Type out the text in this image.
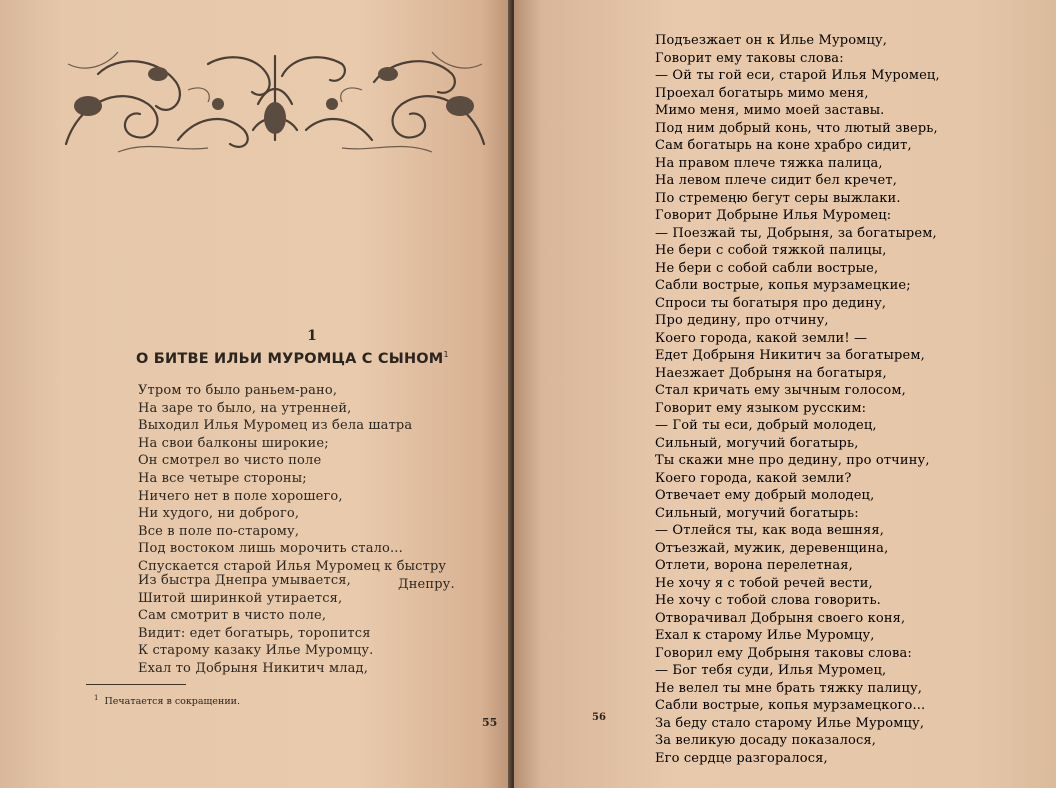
1
О БИТВЕ ИЛЬИ МУРОМЦА С СЫНОМ$^1$
Утром то было раньем-рано,
На заре то было, на утренней,
Выходил Илья Муромец из бела шатра
На свои балконы широкие;
Он смотрел во чисто поле
На все четыре стороны;
Ничего нет в поле хорошего,
Ни худого, ни доброго,
Все в поле по-старому,
Под востоком лишь морочить стало...
Спускается старой Илья Муромец к быстру
Днепру.
Из быстра Днепра умывается,
Шитой ширинкой утирается,
Сам смотрит в чисто поле,
Видит: едет богатырь, торопится
К старому казаку Илье Муромцу.
Ехал то Добрыня Никитич млад,
$^1$ Печатается в сокращении.
55	56
Подъезжает он к Илье Муромцу,
Говорит ему таковы слова:
— Ой ты гой еси, старой Илья Муромец,
Проехал богатырь мимо меня,
Мимо меня, мимо моей заставы.
Под ним добрый конь, что лютый зверь,
Сам богатырь на коне храбро сидит,
На правом плече тяжка палица,
На левом плече сидит бел кречет,
По стремеңю бегут серы выжлаки.
Говорит Добрыне Илья Муромец:
— Поезжай ты, Добрыня, за богатырем,
Не бери с собой тяжкой палицы,
Не бери с собой сабли вострые,
Сабли вострые, копья мурзамецкие;
Спроси ты богатыря про дедину,
Про дедину, про отчину,
Коего города, какой земли! —
Едет Добрыня Никитич за богатырем,
Наезжает Добрыня на богатыря,
Стал кричать ему зычным голосом,
Говорит ему языком русским:
— Гой ты еси, добрый молодец,
Сильный, могучий богатырь,
Ты скажи мне про дедину, про отчину,
Коего города, какой земли?
Отвечает ему добрый молодец,
Сильный, могучий богатырь:
— Отлейся ты, как вода вешняя,
Отъезжай, мужик, деревенщина,
Отлети, ворона перелетная,
Не хочу я с тобой речей вести,
Не хочу с тобой слова говорить.
Отворачивал Добрыня своего коня,
Ехал к старому Илье Муромцу,
Говорил ему Добрыня таковы слова:
— Бог тебя суди, Илья Муромец,
Не велел ты мне брать тяжку палицу,
Сабли вострые, копья мурзамецкого...
За беду стало старому Илье Муромцу,
За великую досаду показалося,
Его сердце разгоралося,
